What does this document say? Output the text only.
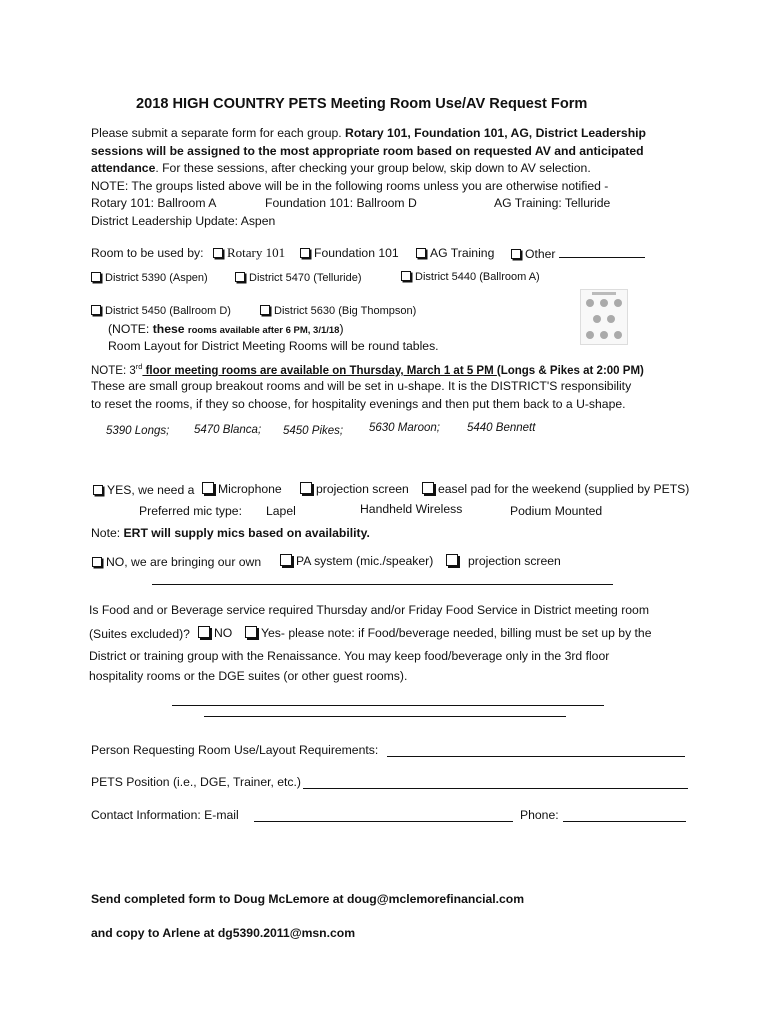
2018 HIGH COUNTRY PETS Meeting Room Use/AV Request Form
Please submit a separate form for each group. Rotary 101, Foundation 101, AG, District Leadership
sessions will be assigned to the most appropriate room based on requested AV and anticipated
attendance. For these sessions, after checking your group below, skip down to AV selection.
NOTE: The groups listed above will be in the following rooms unless you are otherwise notified -
Rotary 101: Ballroom A	Foundation 101: Ballroom D	AG Training: Telluride
District Leadership Update: Aspen
Room to be used by:	Rotary 101	Foundation 101	AG Training	Other
District 5390 (Aspen)	District 5470 (Telluride)	District 5440 (Ballroom A)
District 5450 (Ballroom D)	District 5630 (Big Thompson)
(NOTE: these rooms available after 6 PM, 3/1/18)
Room Layout for District Meeting Rooms will be round tables.
NOTE: 3rd floor meeting rooms are available on Thursday, March 1 at 5 PM (Longs & Pikes at 2:00 PM)
These are small group breakout rooms and will be set in u-shape. It is the DISTRICT'S responsibility
to reset the rooms, if they so choose, for hospitality evenings and then put them back to a U-shape.
5390 Longs; 5470 Blanca; 5450 Pikes; 5630 Maroon; 5440 Bennett
YES, we need a	Microphone	projection screen	easel pad for the weekend (supplied by PETS)
Preferred mic type: Lapel	Handheld Wireless	Podium Mounted
Note: ERT will supply mics based on availability.
NO, we are bringing our own	PA system (mic./speaker)	projection screen
Is Food and or Beverage service required Thursday and/or Friday Food Service in District meeting room
(Suites excluded)?	NO	Yes- please note: if Food/beverage needed, billing must be set up by the
District or training group with the Renaissance. You may keep food/beverage only in the 3rd floor
hospitality rooms or the DGE suites (or other guest rooms).
Person Requesting Room Use/Layout Requirements:
PETS Position (i.e., DGE, Trainer, etc.)
Contact Information: E-mail	Phone:
Send completed form to Doug McLemore at doug@mclemorefinancial.com
and copy to Arlene at dg5390.2011@msn.com
